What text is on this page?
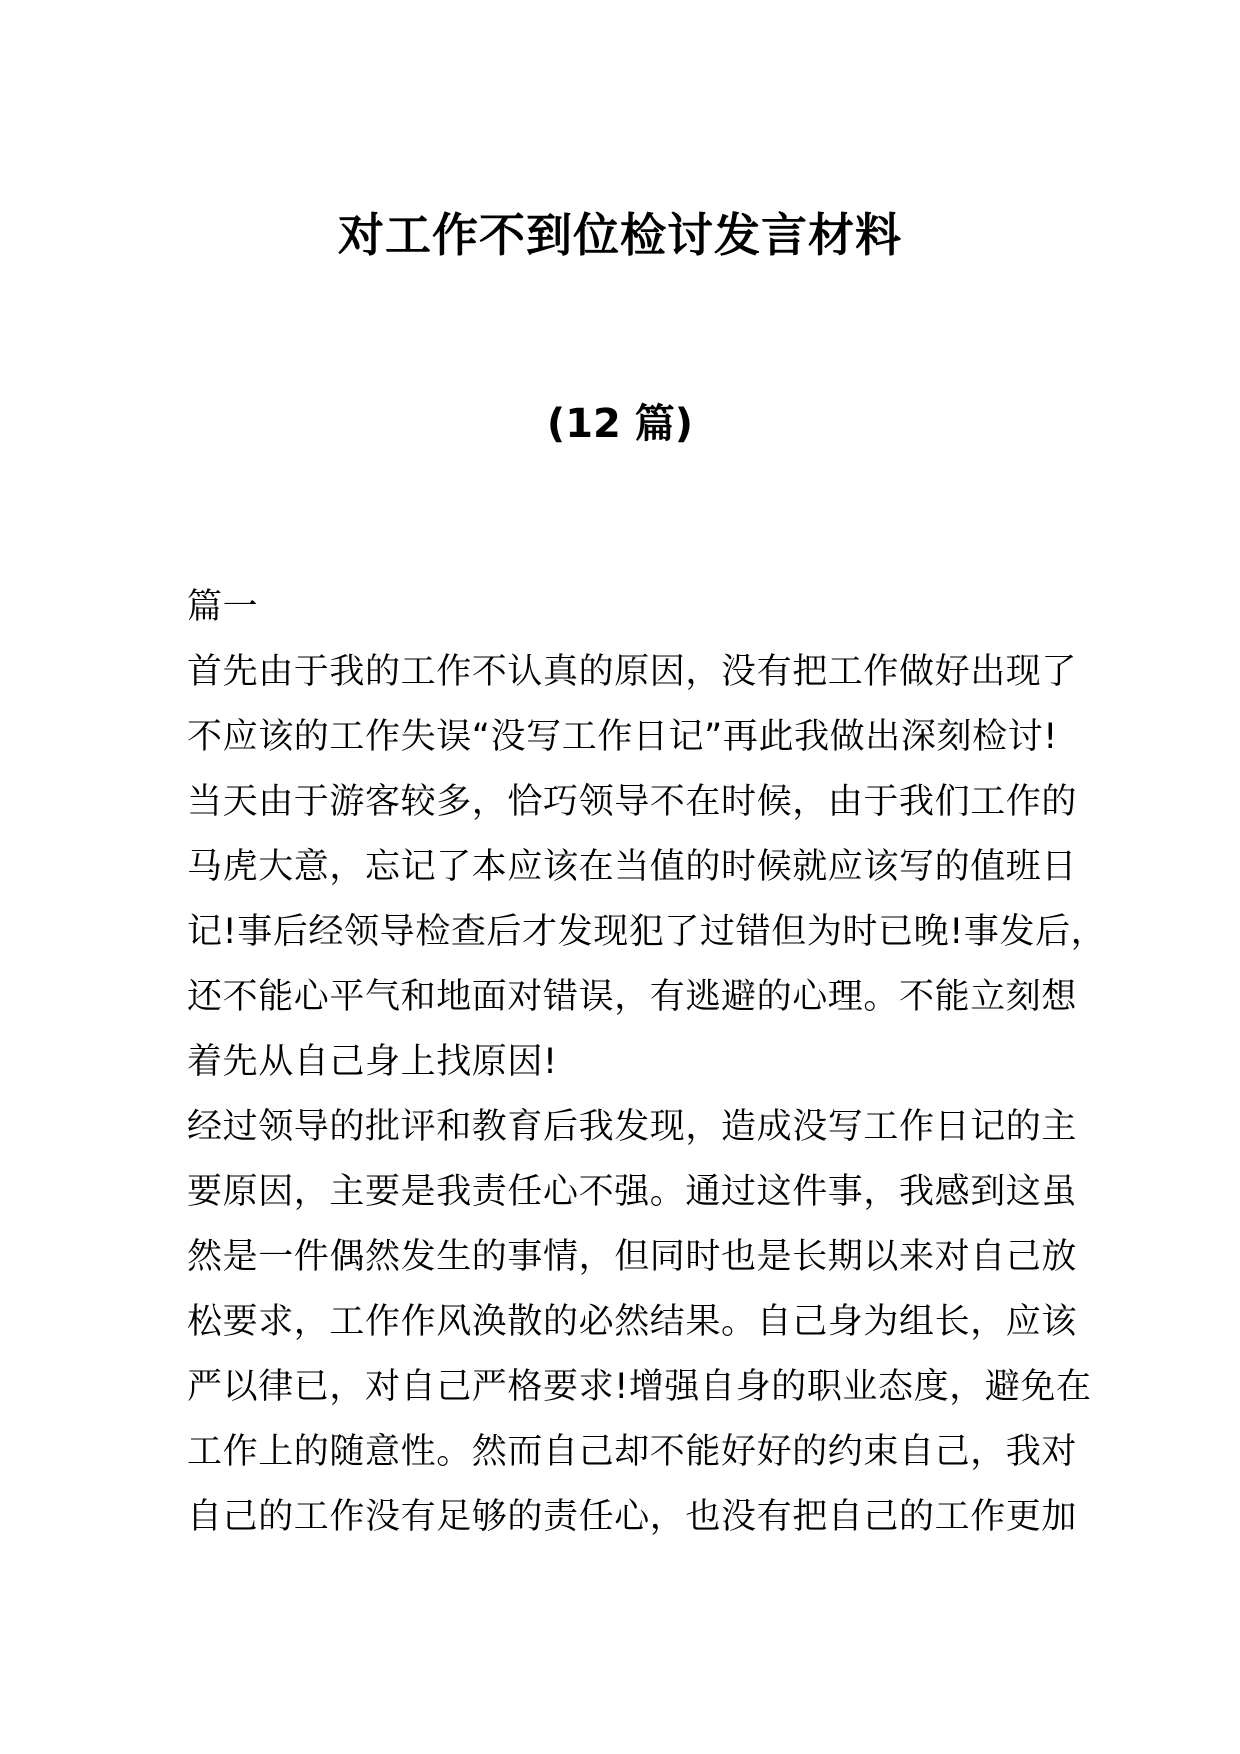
对工作不到位检讨发言材料
(12 篇)
篇一
首先由于我的工作不认真的原因，没有把工作做好出现了
不应该的工作失误“没写工作日记”再此我做出深刻检讨!
当天由于游客较多，恰巧领导不在时候，由于我们工作的
马虎大意，忘记了本应该在当值的时候就应该写的值班日
记!事后经领导检查后才发现犯了过错但为时已晚!事发后，
还不能心平气和地面对错误，有逃避的心理。不能立刻想
着先从自己身上找原因!
经过领导的批评和教育后我发现，造成没写工作日记的主
要原因，主要是我责任心不强。通过这件事，我感到这虽
然是一件偶然发生的事情，但同时也是长期以来对自己放
松要求，工作作风涣散的必然结果。自己身为组长，应该
严以律已，对自己严格要求!增强自身的职业态度，避免在
工作上的随意性。然而自己却不能好好的约束自己，我对
自己的工作没有足够的责任心，也没有把自己的工作更加
